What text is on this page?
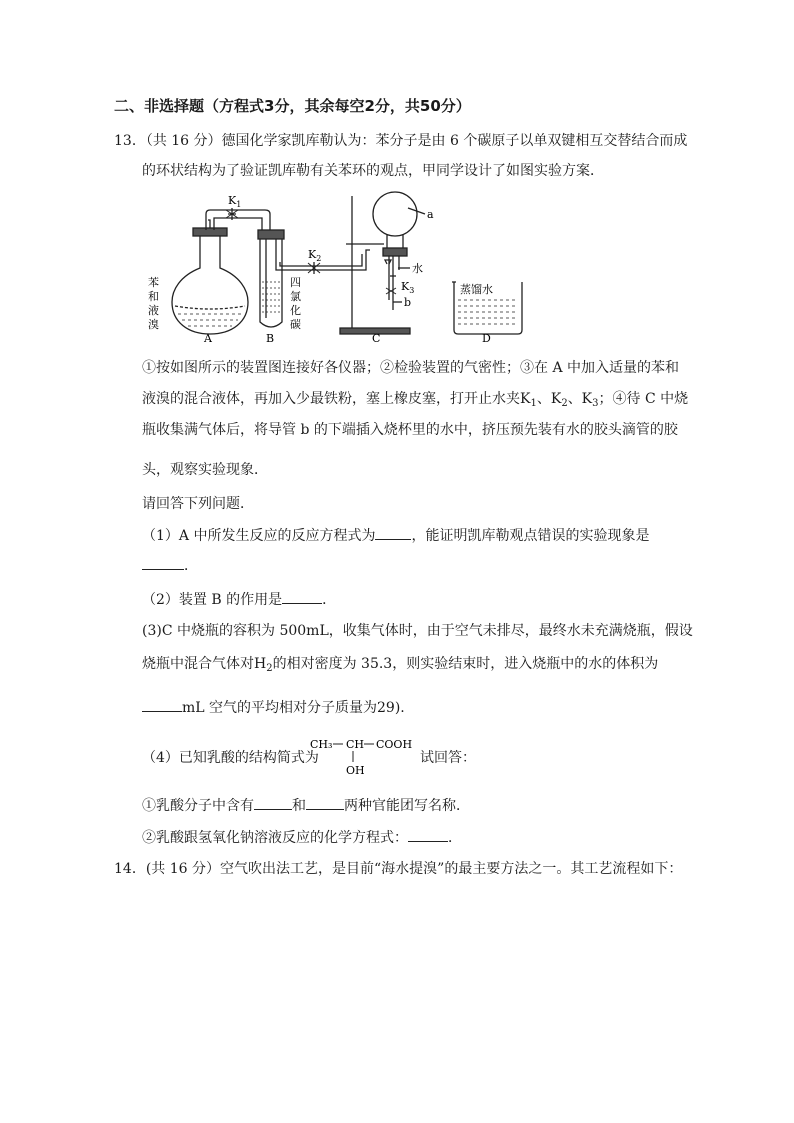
二、非选择题（方程式3分，其余每空2分，共50分）
13．（共 16 分）德国化学家凯库勒认为：苯分子是由 6 个碳原子以单双键相互交替结合而成
的环状结构为了验证凯库勒有关苯环的观点，甲同学设计了如图实验方案．
A	B	C	D
$K_1$
$K_2$
$K_3$
a
b
水
蒸馏水
苯
和
液
溴
四
氯
化
碳
①按如图所示的装置图连接好各仪器；②检验装置的气密性；③在 A 中加入适量的苯和
液溴的混合液体，再加入少最铁粉，塞上橡皮塞，打开止水夹$K_1$、$K_2$、$K_3$；④待 C 中烧
瓶收集满气体后，将导管 b 的下端插入烧杯里的水中，挤压预先装有水的胶头滴管的胶
头，观察实验现象．
请回答下列问题．
（1）A 中所发生反应的反应方程式为	，能证明凯库勒观点错误的实验现象是
．
（2）装置 B 的作用是	．
(3)C 中烧瓶的容积为 500mL，收集气体时，由于空气未排尽，最终水未充满烧瓶，假设
烧瓶中混合气体对$H_2$的相对密度为 35.3，则实验结束时，进入烧瓶中的水的体积为
mL 空气的平均相对分子质量为29).
（4）已知乳酸的结构简式为
CH₃ CH COOH
OH
试回答：
①乳酸分子中含有	和	两种官能团写名称．
②乳酸跟氢氧化钠溶液反应的化学方程式：	．
14．(共 16 分）空气吹出法工艺，是目前“海水提溴”的最主要方法之一。其工艺流程如下：
